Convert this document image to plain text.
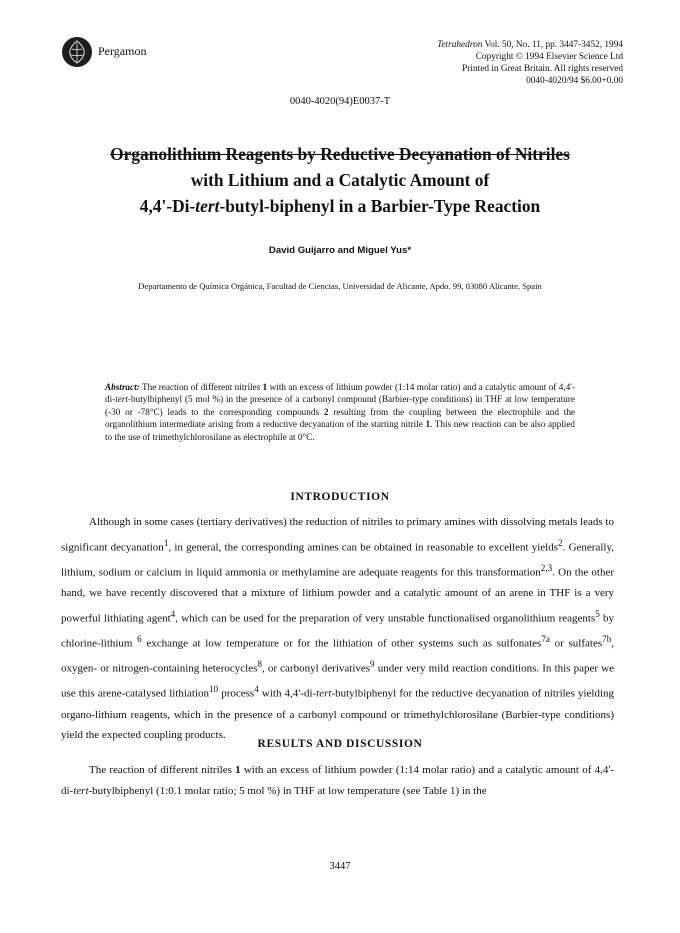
Pergamon	Tetrahedron Vol. 50, No. 11, pp. 3447-3452, 1994
Copyright © 1994 Elsevier Science Ltd
Printed in Great Britain. All rights reserved
0040-4020/94 $6.00+0.00
0040-4020(94)E0037-T
Organolithium Reagents by Reductive Decyanation of Nitriles
with Lithium and a Catalytic Amount of
4,4'-Di-tert-butyl-biphenyl in a Barbier-Type Reaction
David Guijarro and Miguel Yus*
Departamento de Química Orgánica, Facultad de Ciencias, Universidad de Alicante, Apdo. 99, 03080 Alicante, Spain
Abstract: The reaction of different nitriles 1 with an excess of lithium powder (1:14 molar ratio) and a catalytic amount of 4,4'-di-tert-butylbiphenyl (5 mol %) in the presence of a carbonyl compound (Barbier-type conditions) in THF at low temperature (-30 or -78°C) leads to the corresponding compounds 2 resulting from the coupling between the electrophile and the organolithium intermediate arising from a reductive decyanation of the starting nitrile 1. This new reaction can be also applied to the use of trimethylchlorosilane as electrophile at 0°C.
INTRODUCTION
Although in some cases (tertiary derivatives) the reduction of nitriles to primary amines with dissolving metals leads to significant decyanation$^1$, in general, the corresponding amines can be obtained in reasonable to excellent yields$^2$. Generally, lithium, sodium or calcium in liquid ammonia or methylamine are adequate reagents for this transformation$^{2,3}$. On the other hand, we have recently discovered that a mixture of lithium powder and a catalytic amount of an arene in THF is a very powerful lithiating agent$^4$, which can be used for the preparation of very unstable functionalised organolithium reagents$^5$ by chlorine-lithium $^6$ exchange at low temperature or for the lithiation of other systems such as sulfonates$^{7a}$ or sulfates$^{7b}$, oxygen- or nitrogen-containing heterocycles$^8$, or carbonyl derivatives$^9$ under very mild reaction conditions. In this paper we use this arene-catalysed lithiation$^{10}$ process$^4$ with 4,4'-di-tert-butylbiphenyl for the reductive decyanation of nitriles yielding organo-lithium reagents, which in the presence of a carbonyl compound or trimethylchlorosilane (Barbier-type conditions) yield the expected coupling products.
RESULTS AND DISCUSSION
The reaction of different nitriles 1 with an excess of lithium powder (1:14 molar ratio) and a catalytic amount of 4,4'-di-tert-butylbiphenyl (1:0.1 molar ratio; 5 mol %) in THF at low temperature (see Table 1) in the
3447
